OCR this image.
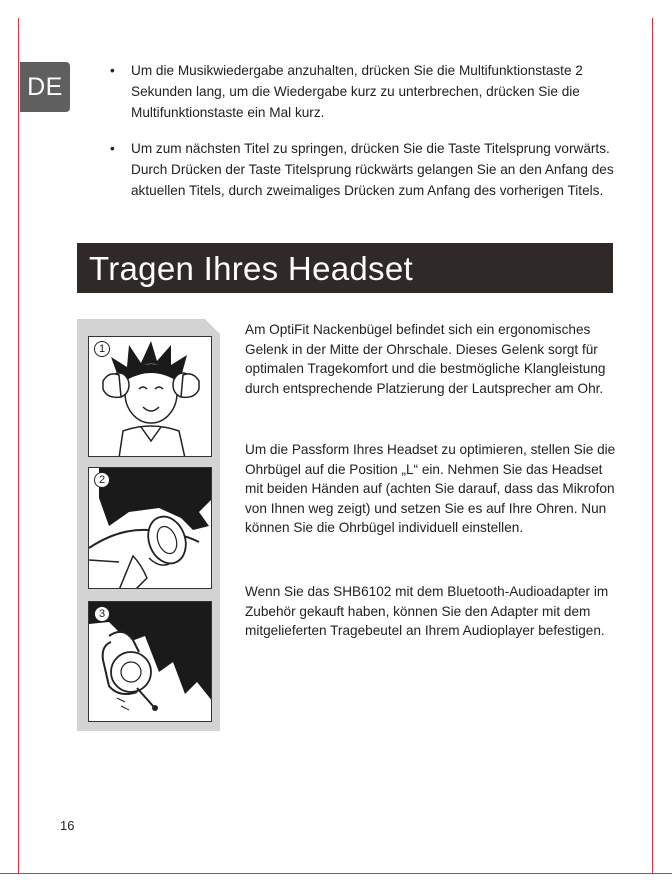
DE
• Um die Musikwiedergabe anzuhalten, drücken Sie die Multifunktionstaste 2 Sekunden lang, um die Wiedergabe kurz zu unterbrechen, drücken Sie die Multifunktionstaste ein Mal kurz.
• Um zum nächsten Titel zu springen, drücken Sie die Taste Titelsprung vorwärts. Durch Drücken der Taste Titelsprung rückwärts gelangen Sie an den Anfang des aktuellen Titels, durch zweimaliges Drücken zum Anfang des vorherigen Titels.
Tragen Ihres Headset
1
2
3
Am OptiFit Nackenbügel befindet sich ein ergonomisches Gelenk in der Mitte der Ohrschale. Dieses Gelenk sorgt für optimalen Tragekomfort und die bestmögliche Klangleistung durch entsprechende Platzierung der Lautsprecher am Ohr.
Um die Passform Ihres Headset zu optimieren, stellen Sie die Ohrbügel auf die Position „L“ ein. Nehmen Sie das Headset mit beiden Händen auf (achten Sie darauf, dass das Mikrofon von Ihnen weg zeigt) und setzen Sie es auf Ihre Ohren. Nun können Sie die Ohrbügel individuell einstellen.
Wenn Sie das SHB6102 mit dem Bluetooth-Audioadapter im Zubehör gekauft haben, können Sie den Adapter mit dem mitgelieferten Tragebeutel an Ihrem Audioplayer befestigen.
16
